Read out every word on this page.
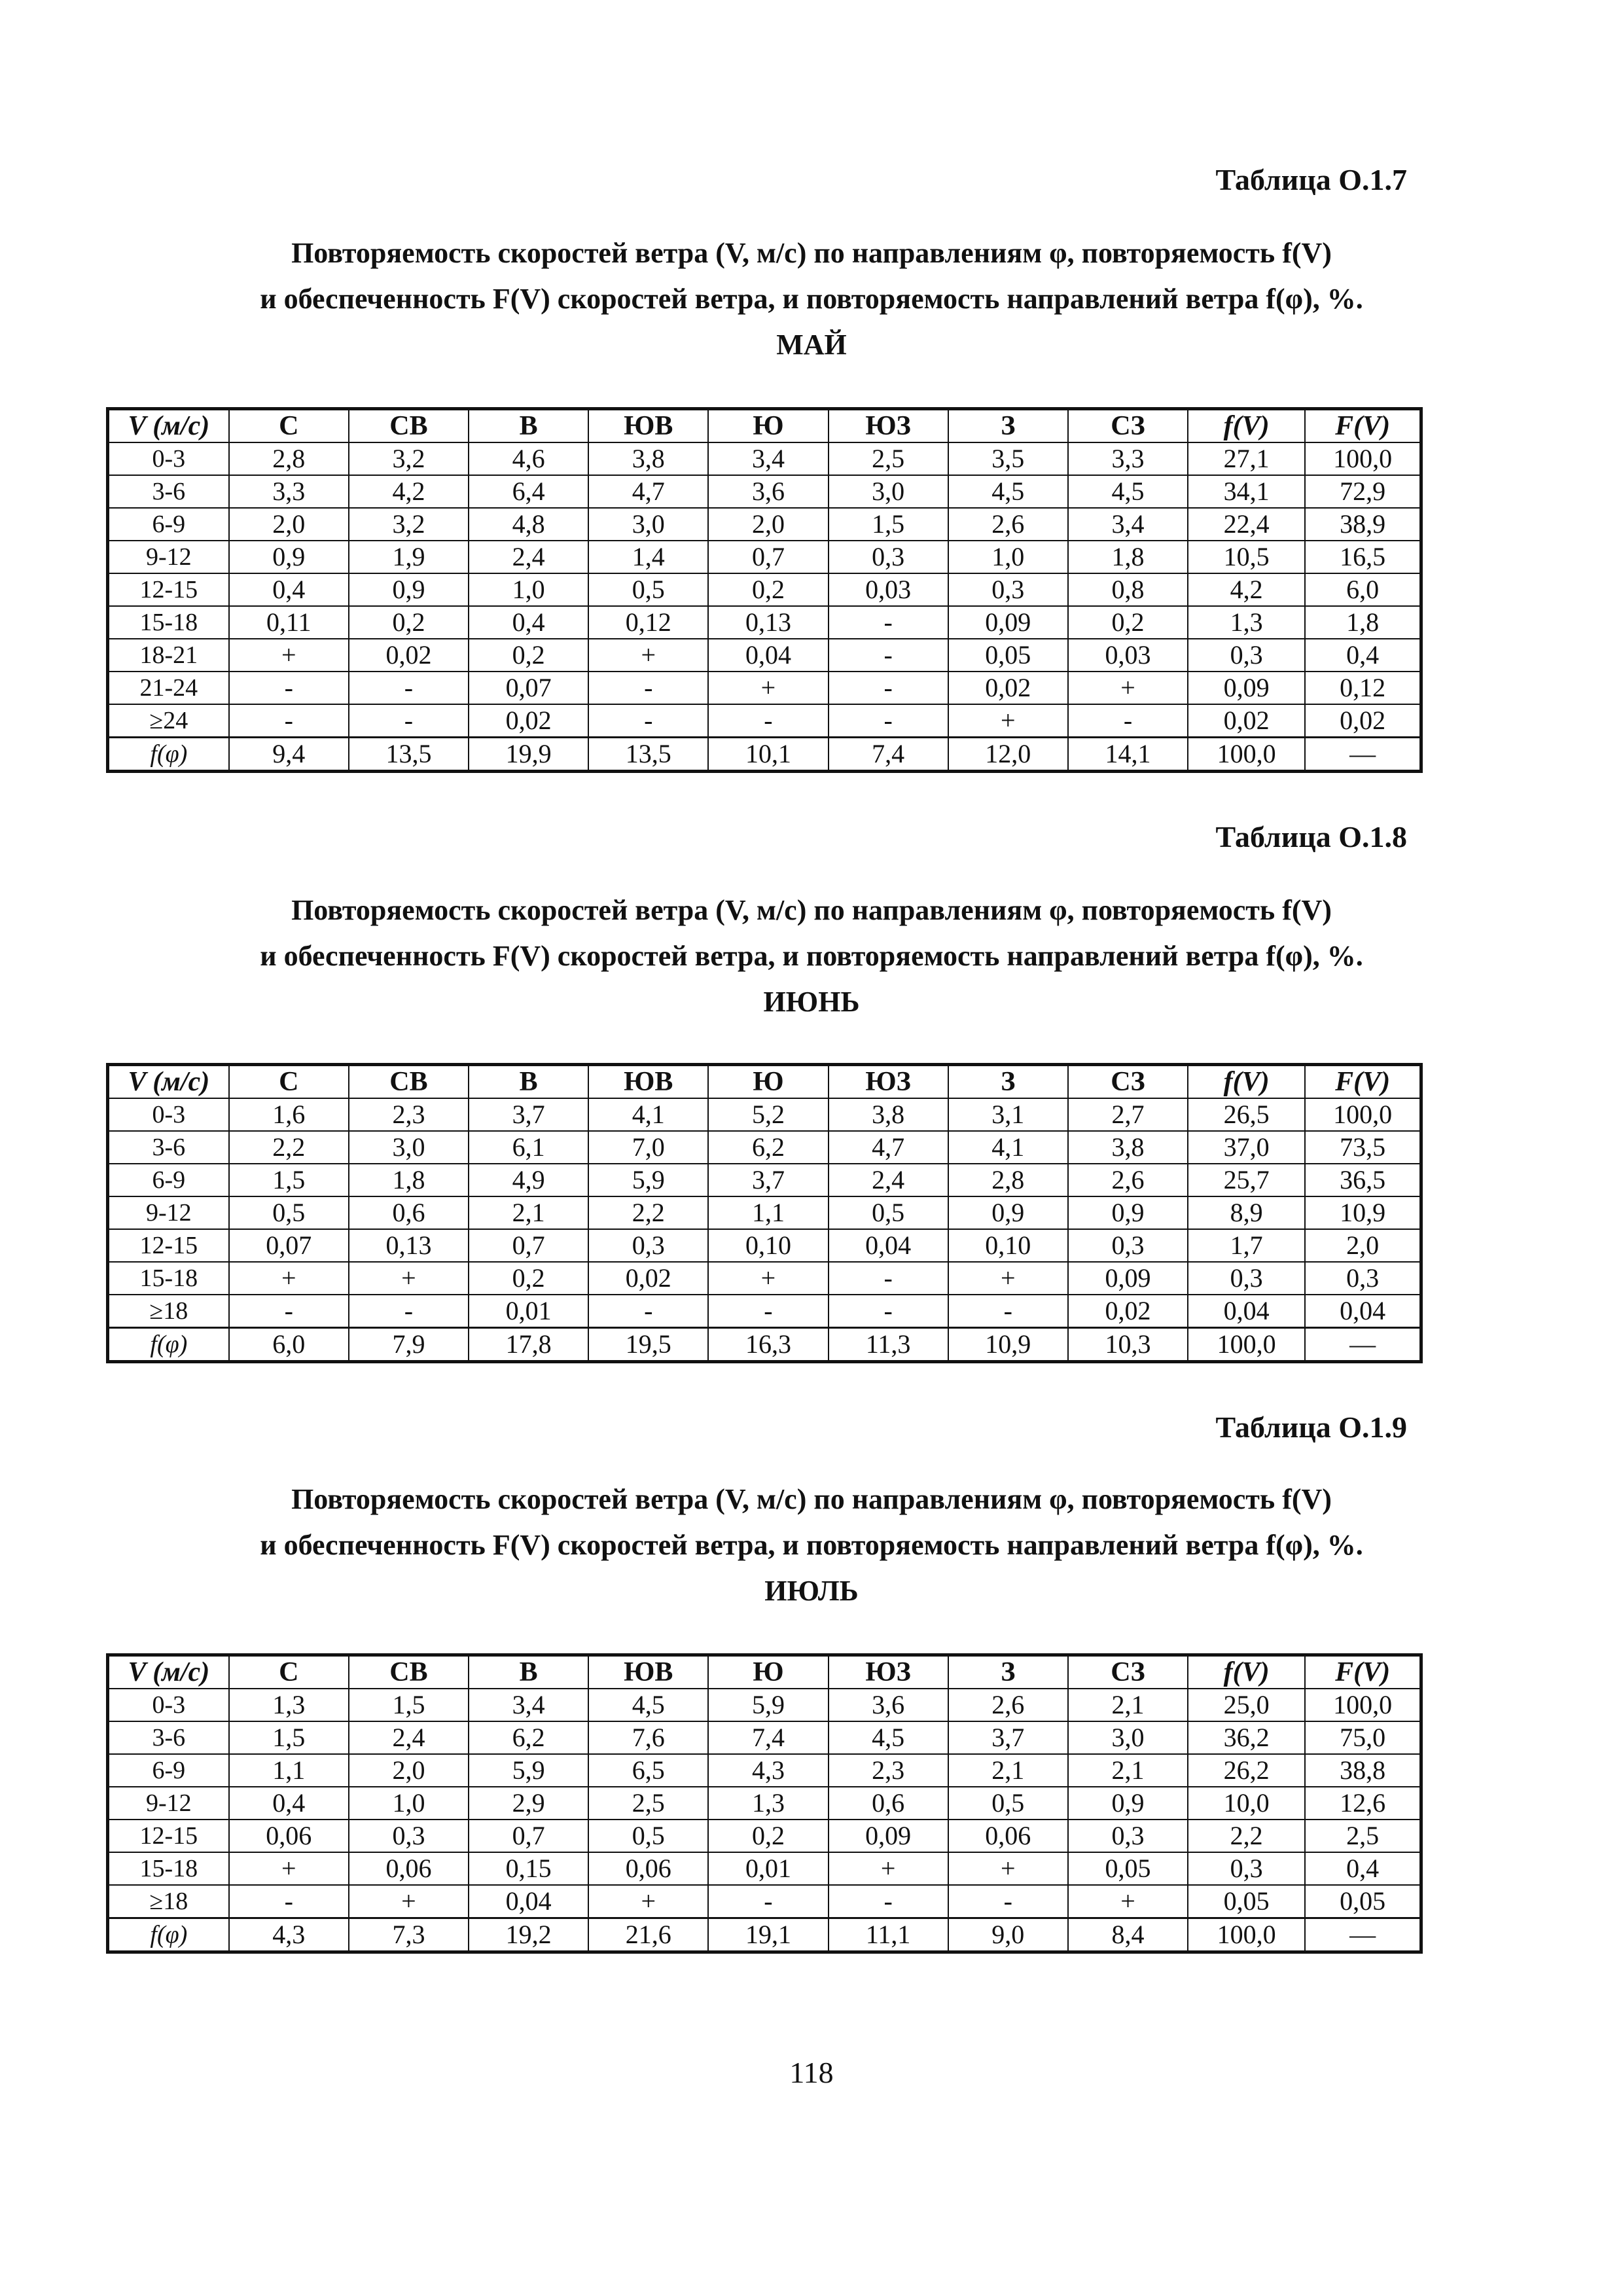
Таблица О.1.7
Повторяемость скоростей ветра (V, м/с) по направлениям φ, повторяемость f(V)
и обеспеченность F(V) скоростей ветра, и повторяемость направлений ветра f(φ), %.
МАЙ
V (м/с)	С	СВ	В	ЮВ	Ю	ЮЗ	З	СЗ	f(V)	F(V)
0-3	2,8	3,2	4,6	3,8	3,4	2,5	3,5	3,3	27,1	100,0
3-6	3,3	4,2	6,4	4,7	3,6	3,0	4,5	4,5	34,1	72,9
6-9	2,0	3,2	4,8	3,0	2,0	1,5	2,6	3,4	22,4	38,9
9-12	0,9	1,9	2,4	1,4	0,7	0,3	1,0	1,8	10,5	16,5
12-15	0,4	0,9	1,0	0,5	0,2	0,03	0,3	0,8	4,2	6,0
15-18	0,11	0,2	0,4	0,12	0,13	-	0,09	0,2	1,3	1,8
18-21	+	0,02	0,2	+	0,04	-	0,05	0,03	0,3	0,4
21-24	-	-	0,07	-	+	-	0,02	+	0,09	0,12
≥24	-	-	0,02	-	-	-	+	-	0,02	0,02
f(φ)	9,4	13,5	19,9	13,5	10,1	7,4	12,0	14,1	100,0	—
Таблица О.1.8
Повторяемость скоростей ветра (V, м/с) по направлениям φ, повторяемость f(V)
и обеспеченность F(V) скоростей ветра, и повторяемость направлений ветра f(φ), %.
ИЮНЬ
V (м/с)	С	СВ	В	ЮВ	Ю	ЮЗ	З	СЗ	f(V)	F(V)
0-3	1,6	2,3	3,7	4,1	5,2	3,8	3,1	2,7	26,5	100,0
3-6	2,2	3,0	6,1	7,0	6,2	4,7	4,1	3,8	37,0	73,5
6-9	1,5	1,8	4,9	5,9	3,7	2,4	2,8	2,6	25,7	36,5
9-12	0,5	0,6	2,1	2,2	1,1	0,5	0,9	0,9	8,9	10,9
12-15	0,07	0,13	0,7	0,3	0,10	0,04	0,10	0,3	1,7	2,0
15-18	+	+	0,2	0,02	+	-	+	0,09	0,3	0,3
≥18	-	-	0,01	-	-	-	-	0,02	0,04	0,04
f(φ)	6,0	7,9	17,8	19,5	16,3	11,3	10,9	10,3	100,0	—
Таблица О.1.9
Повторяемость скоростей ветра (V, м/с) по направлениям φ, повторяемость f(V)
и обеспеченность F(V) скоростей ветра, и повторяемость направлений ветра f(φ), %.
ИЮЛЬ
V (м/с)	С	СВ	В	ЮВ	Ю	ЮЗ	З	СЗ	f(V)	F(V)
0-3	1,3	1,5	3,4	4,5	5,9	3,6	2,6	2,1	25,0	100,0
3-6	1,5	2,4	6,2	7,6	7,4	4,5	3,7	3,0	36,2	75,0
6-9	1,1	2,0	5,9	6,5	4,3	2,3	2,1	2,1	26,2	38,8
9-12	0,4	1,0	2,9	2,5	1,3	0,6	0,5	0,9	10,0	12,6
12-15	0,06	0,3	0,7	0,5	0,2	0,09	0,06	0,3	2,2	2,5
15-18	+	0,06	0,15	0,06	0,01	+	+	0,05	0,3	0,4
≥18	-	+	0,04	+	-	-	-	+	0,05	0,05
f(φ)	4,3	7,3	19,2	21,6	19,1	11,1	9,0	8,4	100,0	—
118
